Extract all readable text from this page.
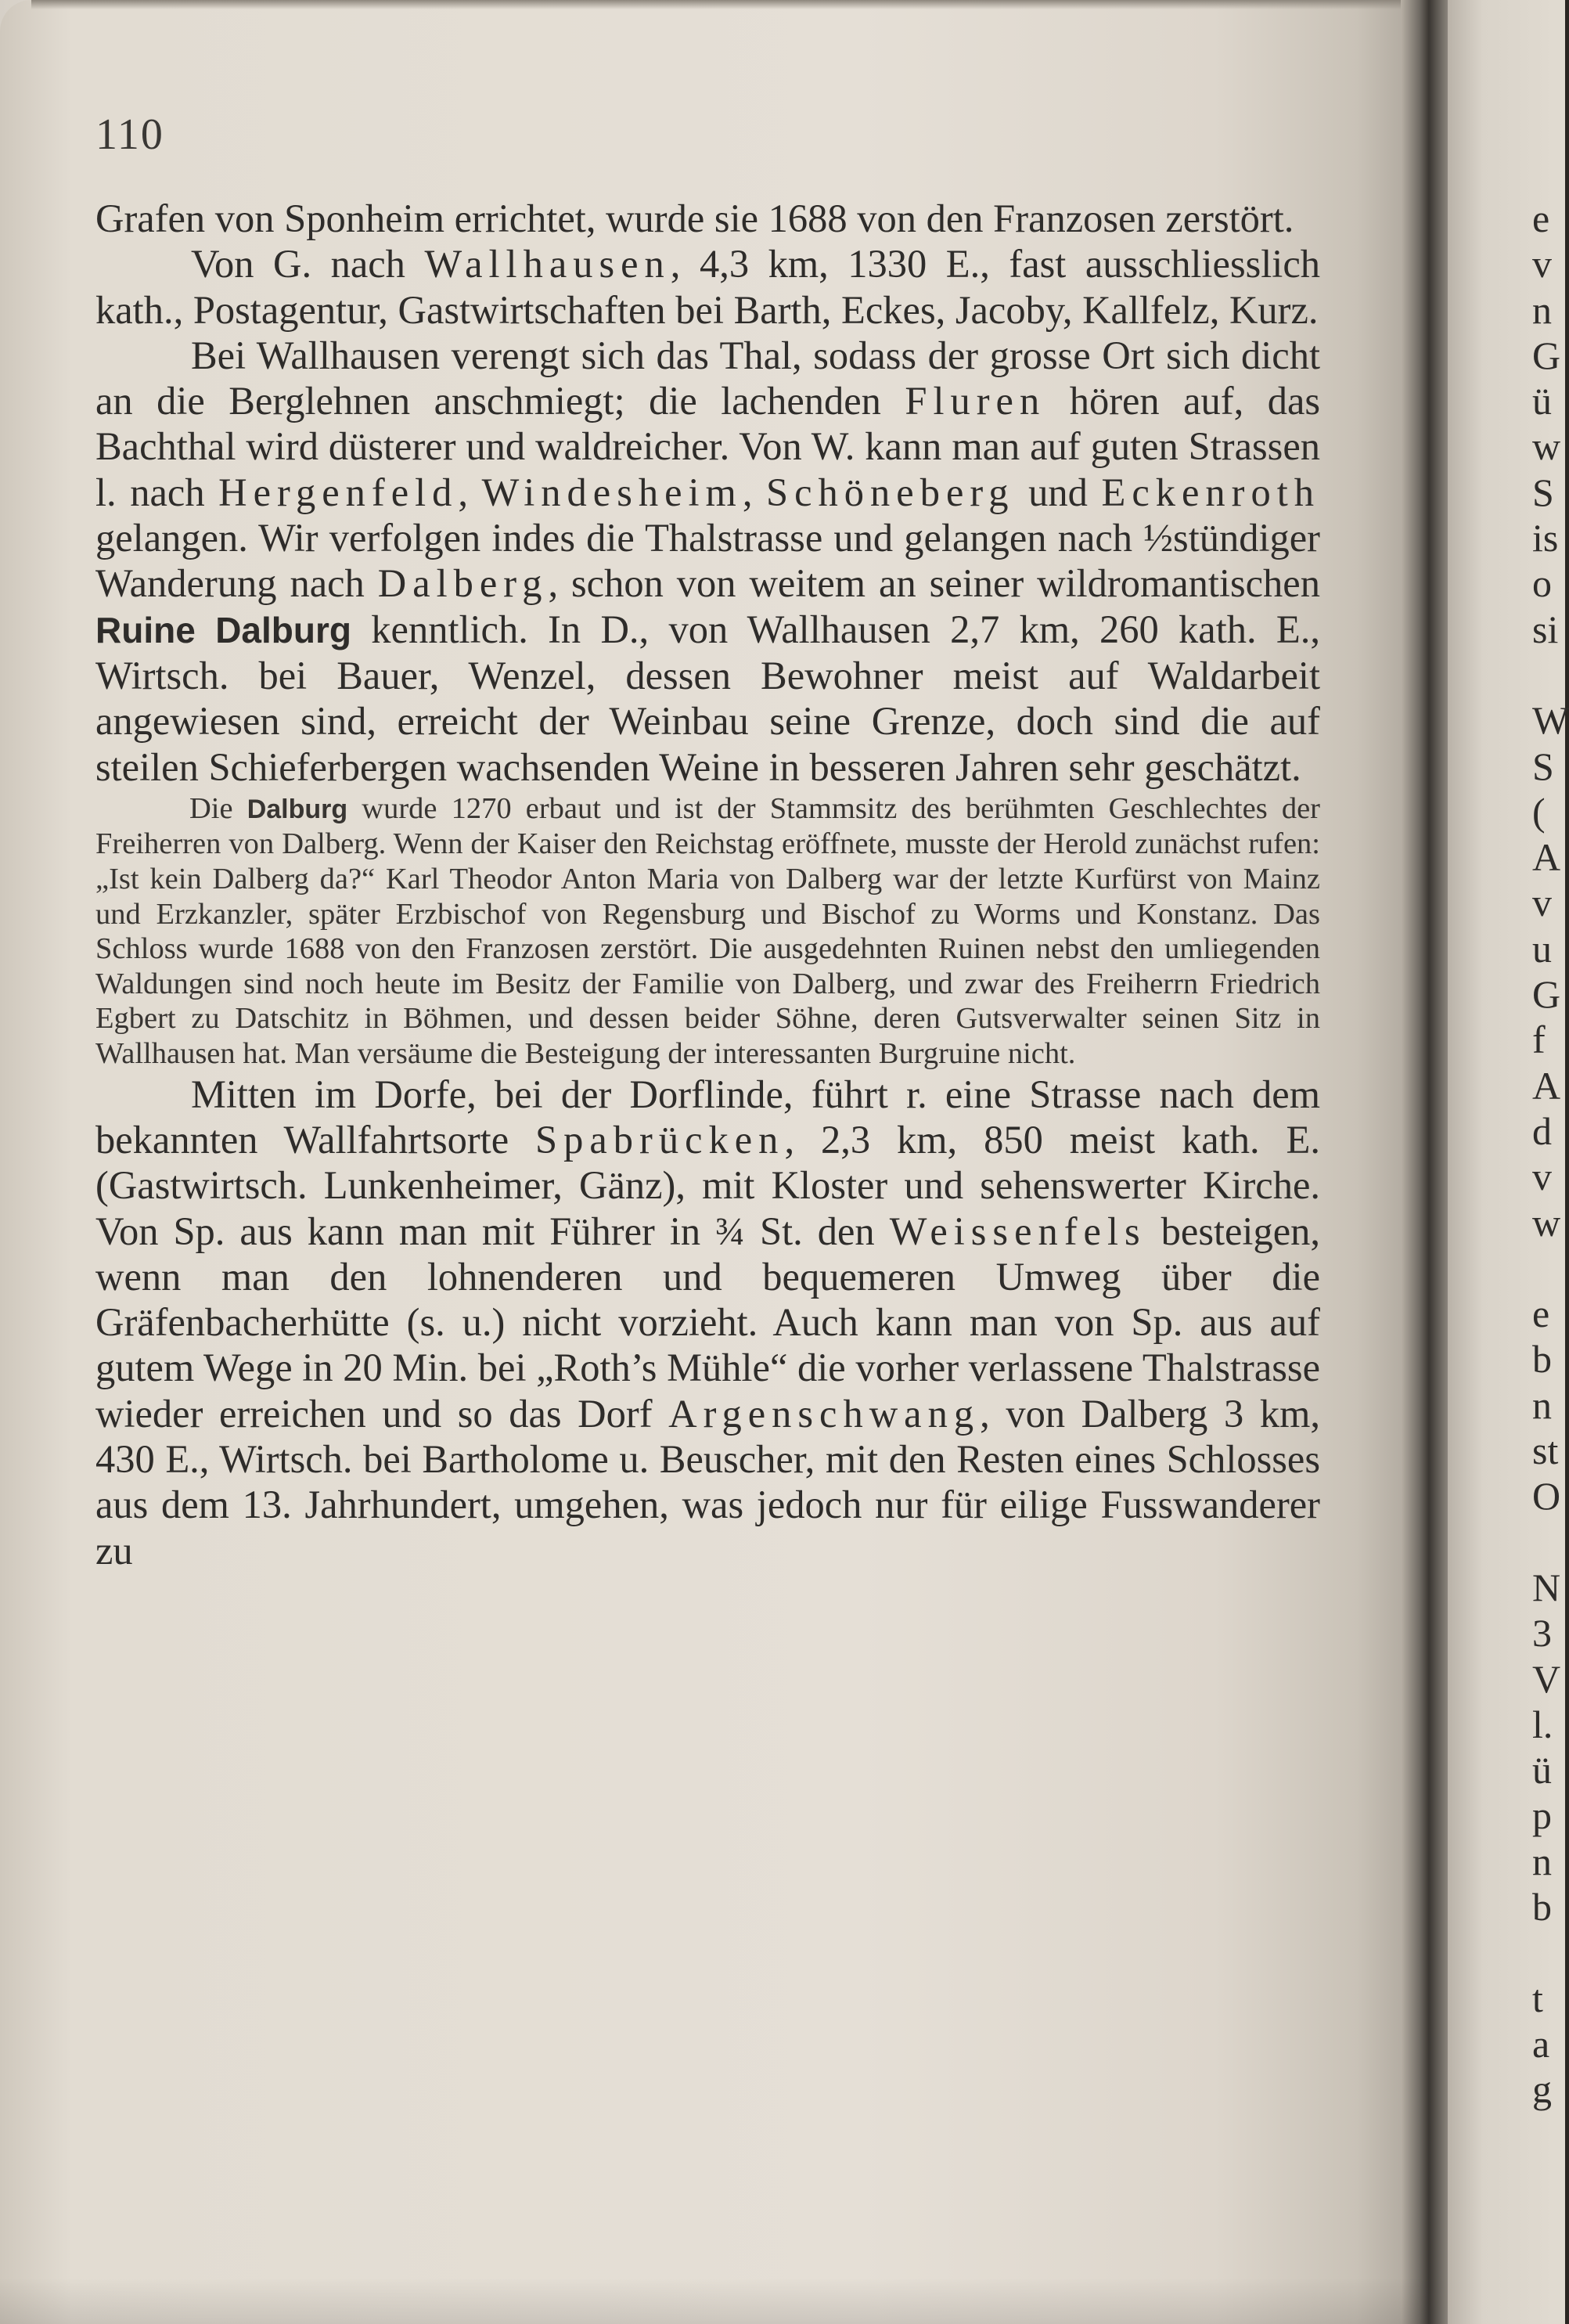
110

Grafen von Sponheim errichtet, wurde sie 1688 von den Franzosen zerstört.

Von G. nach Wallhausen, 4,3 km, 1330 E., fast ausschliesslich kath., Postagentur, Gastwirtschaften bei Barth, Eckes, Jacoby, Kallfelz, Kurz.

Bei Wallhausen verengt sich das Thal, sodass der grosse Ort sich dicht an die Berglehnen anschmiegt; die lachenden Fluren hören auf, das Bachthal wird düsterer und waldreicher. Von W. kann man auf guten Strassen l. nach Hergenfeld, Windesheim, Schöneberg und Eckenroth gelangen. Wir verfolgen indes die Thalstrasse und gelangen nach ½stündiger Wanderung nach Dalberg, schon von weitem an seiner wildromantischen Ruine Dalburg kenntlich. In D., von Wallhausen 2,7 km, 260 kath. E., Wirtsch. bei Bauer, Wenzel, dessen Bewohner meist auf Waldarbeit angewiesen sind, erreicht der Weinbau seine Grenze, doch sind die auf steilen Schieferbergen wachsenden Weine in besseren Jahren sehr geschätzt.

Die Dalburg wurde 1270 erbaut und ist der Stammsitz des berühmten Geschlechtes der Freiherren von Dalberg. Wenn der Kaiser den Reichstag eröffnete, musste der Herold zunächst rufen: „Ist kein Dalberg da?“ Karl Theodor Anton Maria von Dalberg war der letzte Kurfürst von Mainz und Erzkanzler, später Erzbischof von Regensburg und Bischof zu Worms und Konstanz. Das Schloss wurde 1688 von den Franzosen zerstört. Die ausgedehnten Ruinen nebst den umliegenden Waldungen sind noch heute im Besitz der Familie von Dalberg, und zwar des Freiherrn Friedrich Egbert zu Datschitz in Böhmen, und dessen beider Söhne, deren Gutsverwalter seinen Sitz in Wallhausen hat. Man versäume die Besteigung der interessanten Burgruine nicht.

Mitten im Dorfe, bei der Dorflinde, führt r. eine Strasse nach dem bekannten Wallfahrtsorte Spabrücken, 2,3 km, 850 meist kath. E. (Gastwirtsch. Lunkenheimer, Gänz), mit Kloster und sehenswerter Kirche. Von Sp. aus kann man mit Führer in ¾ St. den Weissenfels besteigen, wenn man den lohnenderen und bequemeren Umweg über die Gräfenbacherhütte (s. u.) nicht vorzieht. Auch kann man von Sp. aus auf gutem Wege in 20 Min. bei „Roth’s Mühle“ die vorher verlassene Thalstrasse wieder erreichen und so das Dorf Argenschwang, von Dalberg 3 km, 430 E., Wirtsch. bei Bartholome u. Beuscher, mit den Resten eines Schlosses aus dem 13. Jahrhundert, umgehen, was jedoch nur für eilige Fusswanderer zu

e
v
n
G
ü
w
S
is
o
si
W
S
(
A
v
u
G
f
A
d
v
w
e
b
n
st
O
N
3
V
l.
ü
p
n
b
t
a
g
